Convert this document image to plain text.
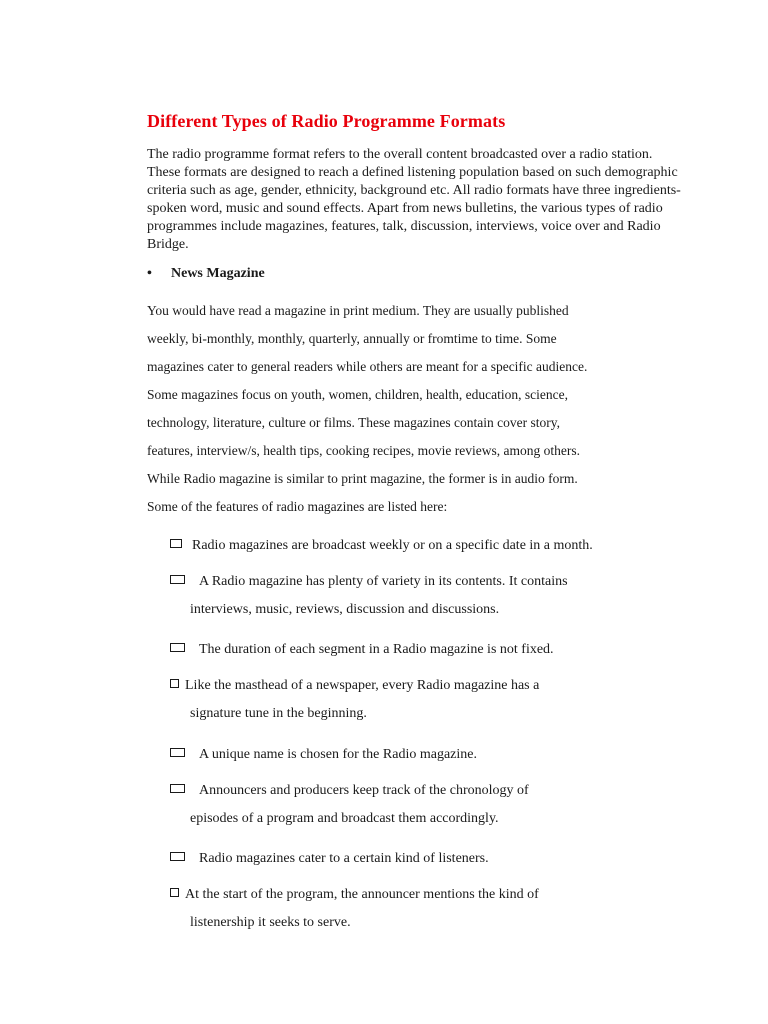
Different Types of Radio Programme Formats

The radio programme format refers to the overall content broadcasted over a radio station.
These formats are designed to reach a defined listening population based on such demographic
criteria such as age, gender, ethnicity, background etc. All radio formats have three ingredients-
spoken word, music and sound effects. Apart from news bulletins, the various types of radio
programmes include magazines, features, talk, discussion, interviews, voice over and Radio
Bridge.

• News Magazine

You would have read a magazine in print medium. They are usually published
weekly, bi-monthly, monthly, quarterly, annually or fromtime to time. Some
magazines cater to general readers while others are meant for a specific audience.
Some magazines focus on youth, women, children, health, education, science,
technology, literature, culture or films. These magazines contain cover story,
features, interview/s, health tips, cooking recipes, movie reviews, among others.
While Radio magazine is similar to print magazine, the former is in audio form.
Some of the features of radio magazines are listed here:

Radio magazines are broadcast weekly or on a specific date in a month.
A Radio magazine has plenty of variety in its contents. It contains
interviews, music, reviews, discussion and discussions.
The duration of each segment in a Radio magazine is not fixed.
Like the masthead of a newspaper, every Radio magazine has a
signature tune in the beginning.
A unique name is chosen for the Radio magazine.
Announcers and producers keep track of the chronology of
episodes of a program and broadcast them accordingly.
Radio magazines cater to a certain kind of listeners.
At the start of the program, the announcer mentions the kind of
listenership it seeks to serve.
